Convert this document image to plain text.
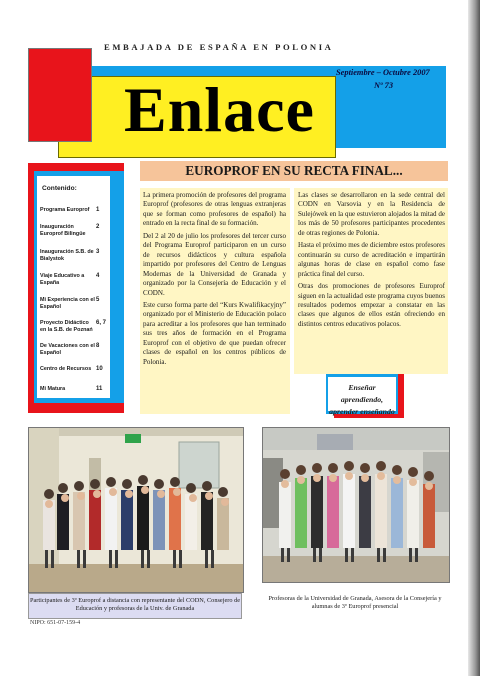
EMBAJADA DE ESPAÑA EN POLONIA
Enlace
Septiembre – Octubre 2007
Nº 73
Contenido:
Programa Europrof	1
Inauguración Europrof Bilingüe
2
Inauguración S.B. de Bialystok
3
Viaje Educativo a España
4
Mi Experiencia con el Español
5
Proyecto Didáctico en la S.B. de Poznań
6, 7
De Vacaciones con el Español
8
Centro de Recursos 10
Mi Matura	11
EUROPROF EN SU RECTA FINAL...

La primera promoción de profesores del programa Europrof (profesores de otras lenguas extranjeras que se forman como profesores de español) ha entrado en la recta final de su formación.

Del 2 al 20 de julio los profesores del tercer curso del Programa Europrof participaron en un curso de recursos didácticos y cultura española impartido por profesores del Centro de Lenguas Modernas de la Universidad de Granada y organizado por la Consejería de Educación y el CODN.

Este curso forma parte del “Kurs Kwalifikacyjny” organizado por el Ministerio de Educación polaco para acreditar a los profesores que han terminado sus tres años de formación en el Programa Europrof con el objetivo de que puedan ofrecer clases de español en los centros públicos de Polonia.

Las clases se desarrollaron en la sede central del CODN en Varsovia y en la Residencia de Sulejówek en la que estuvieron alojados la mitad de los más de 50 profesores participantes procedentes de otras regiones de Polonia.

Hasta el próximo mes de diciembre estos profesores continuarán su curso de acreditación e impartirán algunas horas de clase en español como fase práctica final del curso.

Otras dos promociones de profesores Europrof siguen en la actualidad este programa cuyos buenos resultados podemos empezar a constatar en las clases que algunos de ellos están ofreciendo en distintos centros educativos polacos.

Enseñar aprendiendo,
aprender enseñando
Participantes de 3º Europrof a distancia con representante del CODN, Consejero de Educación y profesoras de la Univ. de Granada
Profesoras de la Universidad de Granada, Asesora de la Consejería y alumnas de 3º Europrof presencial
NIPO: 651-07-159-4
